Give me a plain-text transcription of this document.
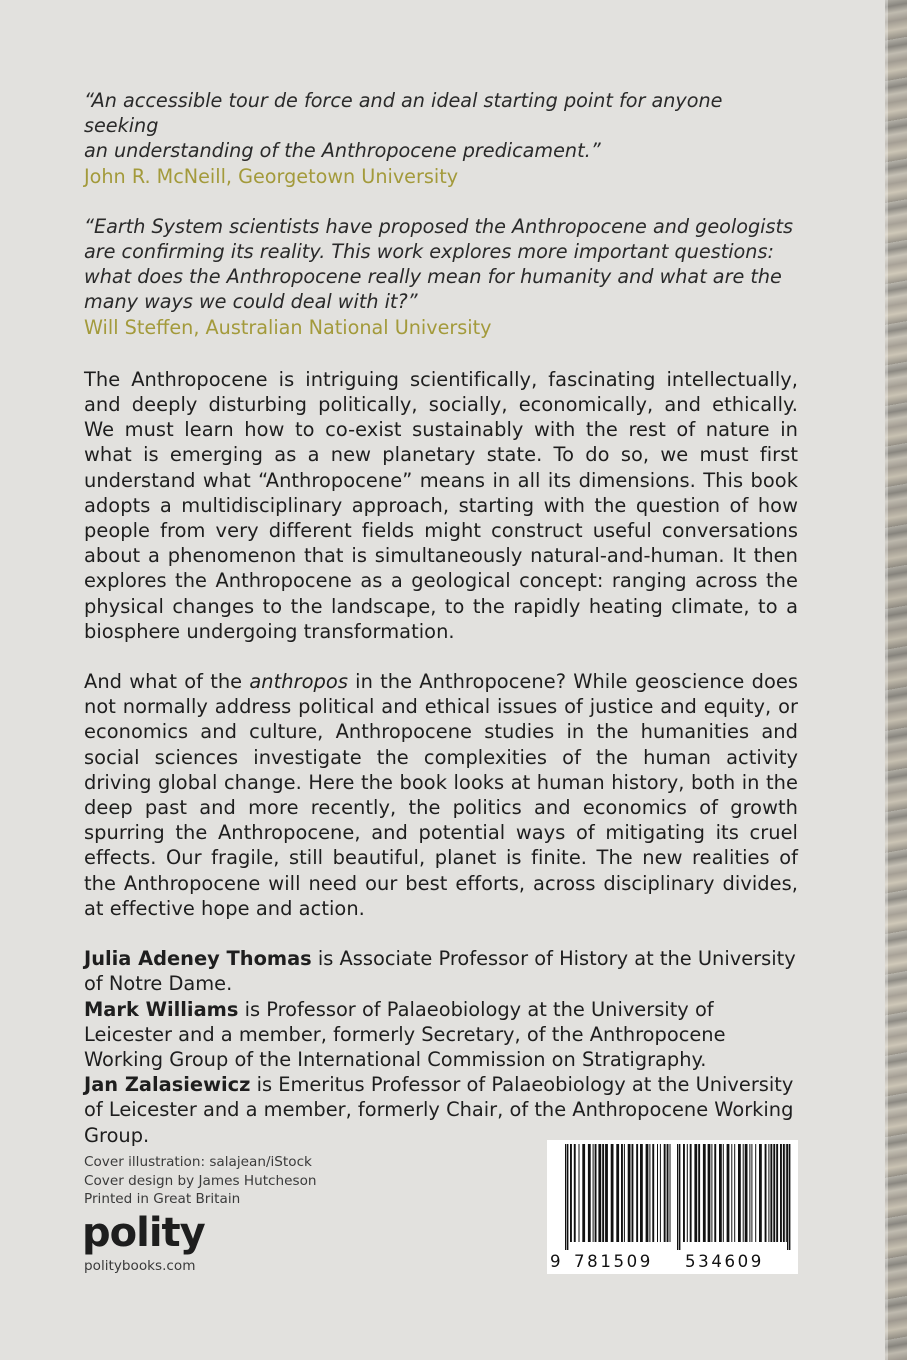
“An accessible tour de force and an ideal starting point for anyone seeking
an understanding of the Anthropocene predicament.”

John R. McNeill, Georgetown University

“Earth System scientists have proposed the Anthropocene and geologists
are confirming its reality. This work explores more important questions:
what does the Anthropocene really mean for humanity and what are the
many ways we could deal with it?”

Will Steffen, Australian National University

The Anthropocene is intriguing scientifically, fascinating intellectually, and deeply disturbing politically, socially, economically, and ethically. We must learn how to co-exist sustainably with the rest of nature in what is emerging as a new planetary state. To do so, we must first understand what “Anthropocene” means in all its dimensions. This book adopts a multidisciplinary approach, starting with the question of how people from very different fields might construct useful conversations about a phenomenon that is simultaneously natural-and-human. It then explores the Anthropocene as a geological concept: ranging across the physical changes to the landscape, to the rapidly heating climate, to a biosphere undergoing transformation.

And what of the anthropos in the Anthropocene? While geoscience does not normally address political and ethical issues of justice and equity, or economics and culture, Anthropocene studies in the humanities and social sciences investigate the complexities of the human activity driving global change. Here the book looks at human history, both in the deep past and more recently, the politics and economics of growth spurring the Anthropocene, and potential ways of mitigating its cruel effects. Our fragile, still beautiful, planet is finite. The new realities of the Anthropocene will need our best efforts, across disciplinary divides, at effective hope and action.

Julia Adeney Thomas is Associate Professor of History at the University of Notre Dame.

Mark Williams is Professor of Palaeobiology at the University of Leicester and a member, formerly Secretary, of the Anthropocene Working Group of the International Commission on Stratigraphy.

Jan Zalasiewicz is Emeritus Professor of Palaeobiology at the University of Leicester and a member, formerly Chair, of the Anthropocene Working Group.

Cover illustration: salajean/iStock
Cover design by James Hutcheson
Printed in Great Britain
polity
politybooks.com	9 781509 534609
